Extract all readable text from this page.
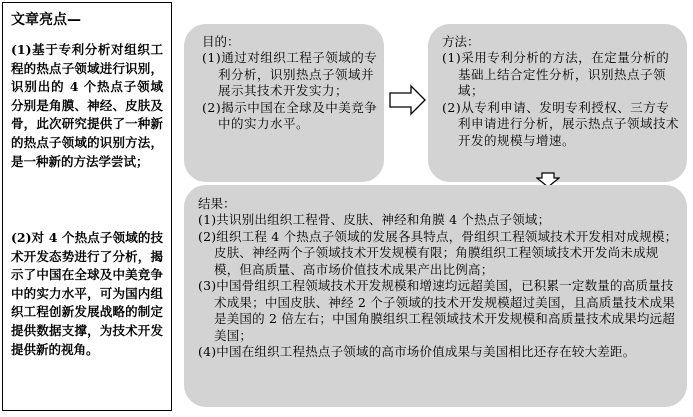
文章亮点—
(1)基于专利分析对组织工程的热点子领域进行识别，识别出的 4 个热点子领域分别是角膜、神经、皮肤及骨，此次研究提供了一种新的热点子领域的识别方法，是一种新的方法学尝试；
(2)对 4 个热点子领域的技术开发态势进行了分析，揭示了中国在全球及中美竞争中的实力水平，可为国内组织工程创新发展战略的制定提供数据支撑，为技术开发提供新的视角。
目的：
(1)通过对组织工程子领域的专利分析，识别热点子领域并展示其技术开发实力；
(2)揭示中国在全球及中美竞争中的实力水平。
方法：
(1)采用专利分析的方法，在定量分析的基础上结合定性分析，识别热点子领域；
(2)从专利申请、发明专利授权、三方专利申请进行分析，展示热点子领域技术开发的规模与增速。
结果：
(1)共识别出组织工程骨、皮肤、神经和角膜 4 个热点子领域；
(2)组织工程 4 个热点子领域的发展各具特点，骨组织工程领域技术开发相对成规模；皮肤、神经两个子领域技术开发规模有限；角膜组织工程领域技术开发尚未成规模，但高质量、高市场价值技术成果产出比例高；
(3)中国骨组织工程领域技术开发规模和增速均远超美国，已积累一定数量的高质量技术成果；中国皮肤、神经 2 个子领域的技术开发规模超过美国，且高质量技术成果是美国的 2 倍左右；中国角膜组织工程领域技术开发规模和高质量技术成果均远超美国；
(4)中国在组织工程热点子领域的高市场价值成果与美国相比还存在较大差距。
